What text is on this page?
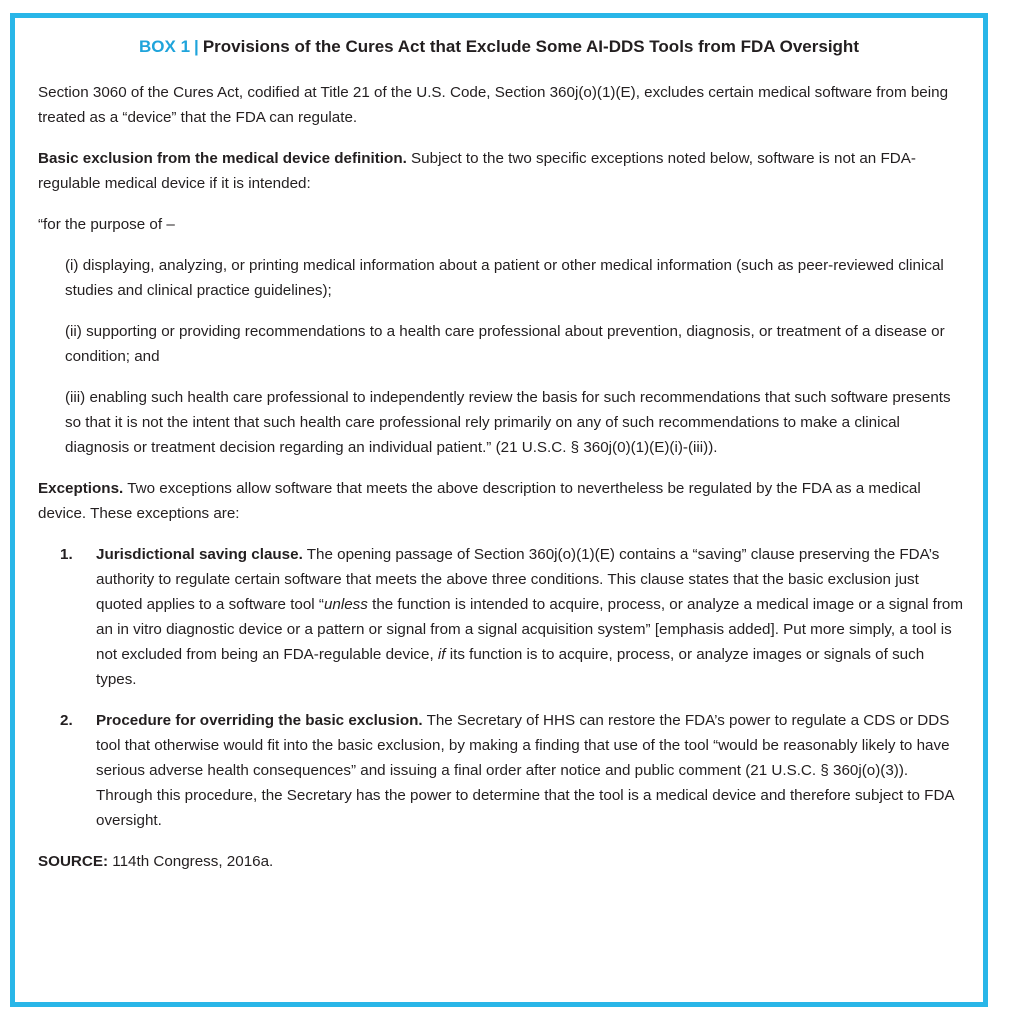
BOX 1 | Provisions of the Cures Act that Exclude Some AI-DDS Tools from FDA Oversight

Section 3060 of the Cures Act, codified at Title 21 of the U.S. Code, Section 360j(o)(1)(E), excludes certain medical software from being treated as a “device” that the FDA can regulate.

Basic exclusion from the medical device definition. Subject to the two specific exceptions noted below, software is not an FDA-regulable medical device if it is intended:

“for the purpose of –

(i) displaying, analyzing, or printing medical information about a patient or other medical information (such as peer-reviewed clinical studies and clinical practice guidelines);

(ii) supporting or providing recommendations to a health care professional about prevention, diagnosis, or treatment of a disease or condition; and

(iii) enabling such health care professional to independently review the basis for such recommendations that such software presents so that it is not the intent that such health care professional rely primarily on any of such recommendations to make a clinical diagnosis or treatment decision regarding an individual patient.” (21 U.S.C. § 360j(0)(1)(E)(i)-(iii)).

Exceptions. Two exceptions allow software that meets the above description to nevertheless be regulated by the FDA as a medical device. These exceptions are:

1. Jurisdictional saving clause. The opening passage of Section 360j(o)(1)(E) contains a “saving” clause preserving the FDA’s authority to regulate certain software that meets the above three conditions. This clause states that the basic exclusion just quoted applies to a software tool “unless the function is intended to acquire, process, or analyze a medical image or a signal from an in vitro diagnostic device or a pattern or signal from a signal acquisition system” [emphasis added]. Put more simply, a tool is not excluded from being an FDA-regulable device, if its function is to acquire, process, or analyze images or signals of such types.

2. Procedure for overriding the basic exclusion. The Secretary of HHS can restore the FDA’s power to regulate a CDS or DDS tool that otherwise would fit into the basic exclusion, by making a finding that use of the tool “would be reasonably likely to have serious adverse health consequences” and issuing a final order after notice and public comment (21 U.S.C. § 360j(o)(3)). Through this procedure, the Secretary has the power to determine that the tool is a medical device and therefore subject to FDA oversight.

SOURCE: 114th Congress, 2016a.
